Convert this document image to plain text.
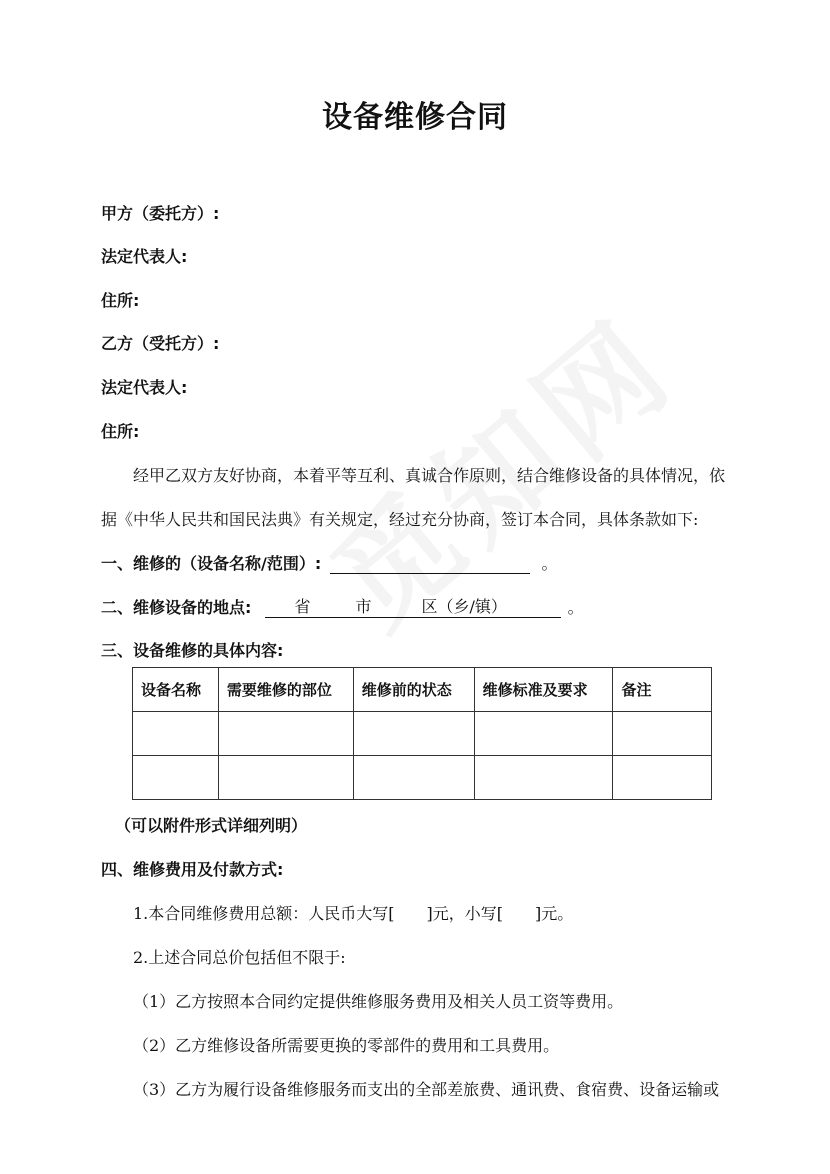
设备维修合同
甲方（委托方）:
法定代表人:
住所:
乙方（受托方）:
法定代表人:
住所:
经甲乙双方友好协商，本着平等互利、真诚合作原则，结合维修设备的具体情况，依
据《中华人民共和国民法典》有关规定，经过充分协商，签订本合同，具体条款如下:
一、维修的（设备名称/范围）:	。
二、维修设备的地点:	省	市	区（乡/镇）	。
三、设备维修的具体内容:
设备名称	需要维修的部位	维修前的状态	维修标准及要求	备注

（可以附件形式详细列明）
四、维修费用及付款方式:
1.本合同维修费用总额：人民币大写[　　]元，小写[　　]元。
2.上述合同总价包括但不限于:
（1）乙方按照本合同约定提供维修服务费用及相关人员工资等费用。
（2）乙方维修设备所需要更换的零部件的费用和工具费用。
（3）乙方为履行设备维修服务而支出的全部差旅费、通讯费、食宿费、设备运输或
